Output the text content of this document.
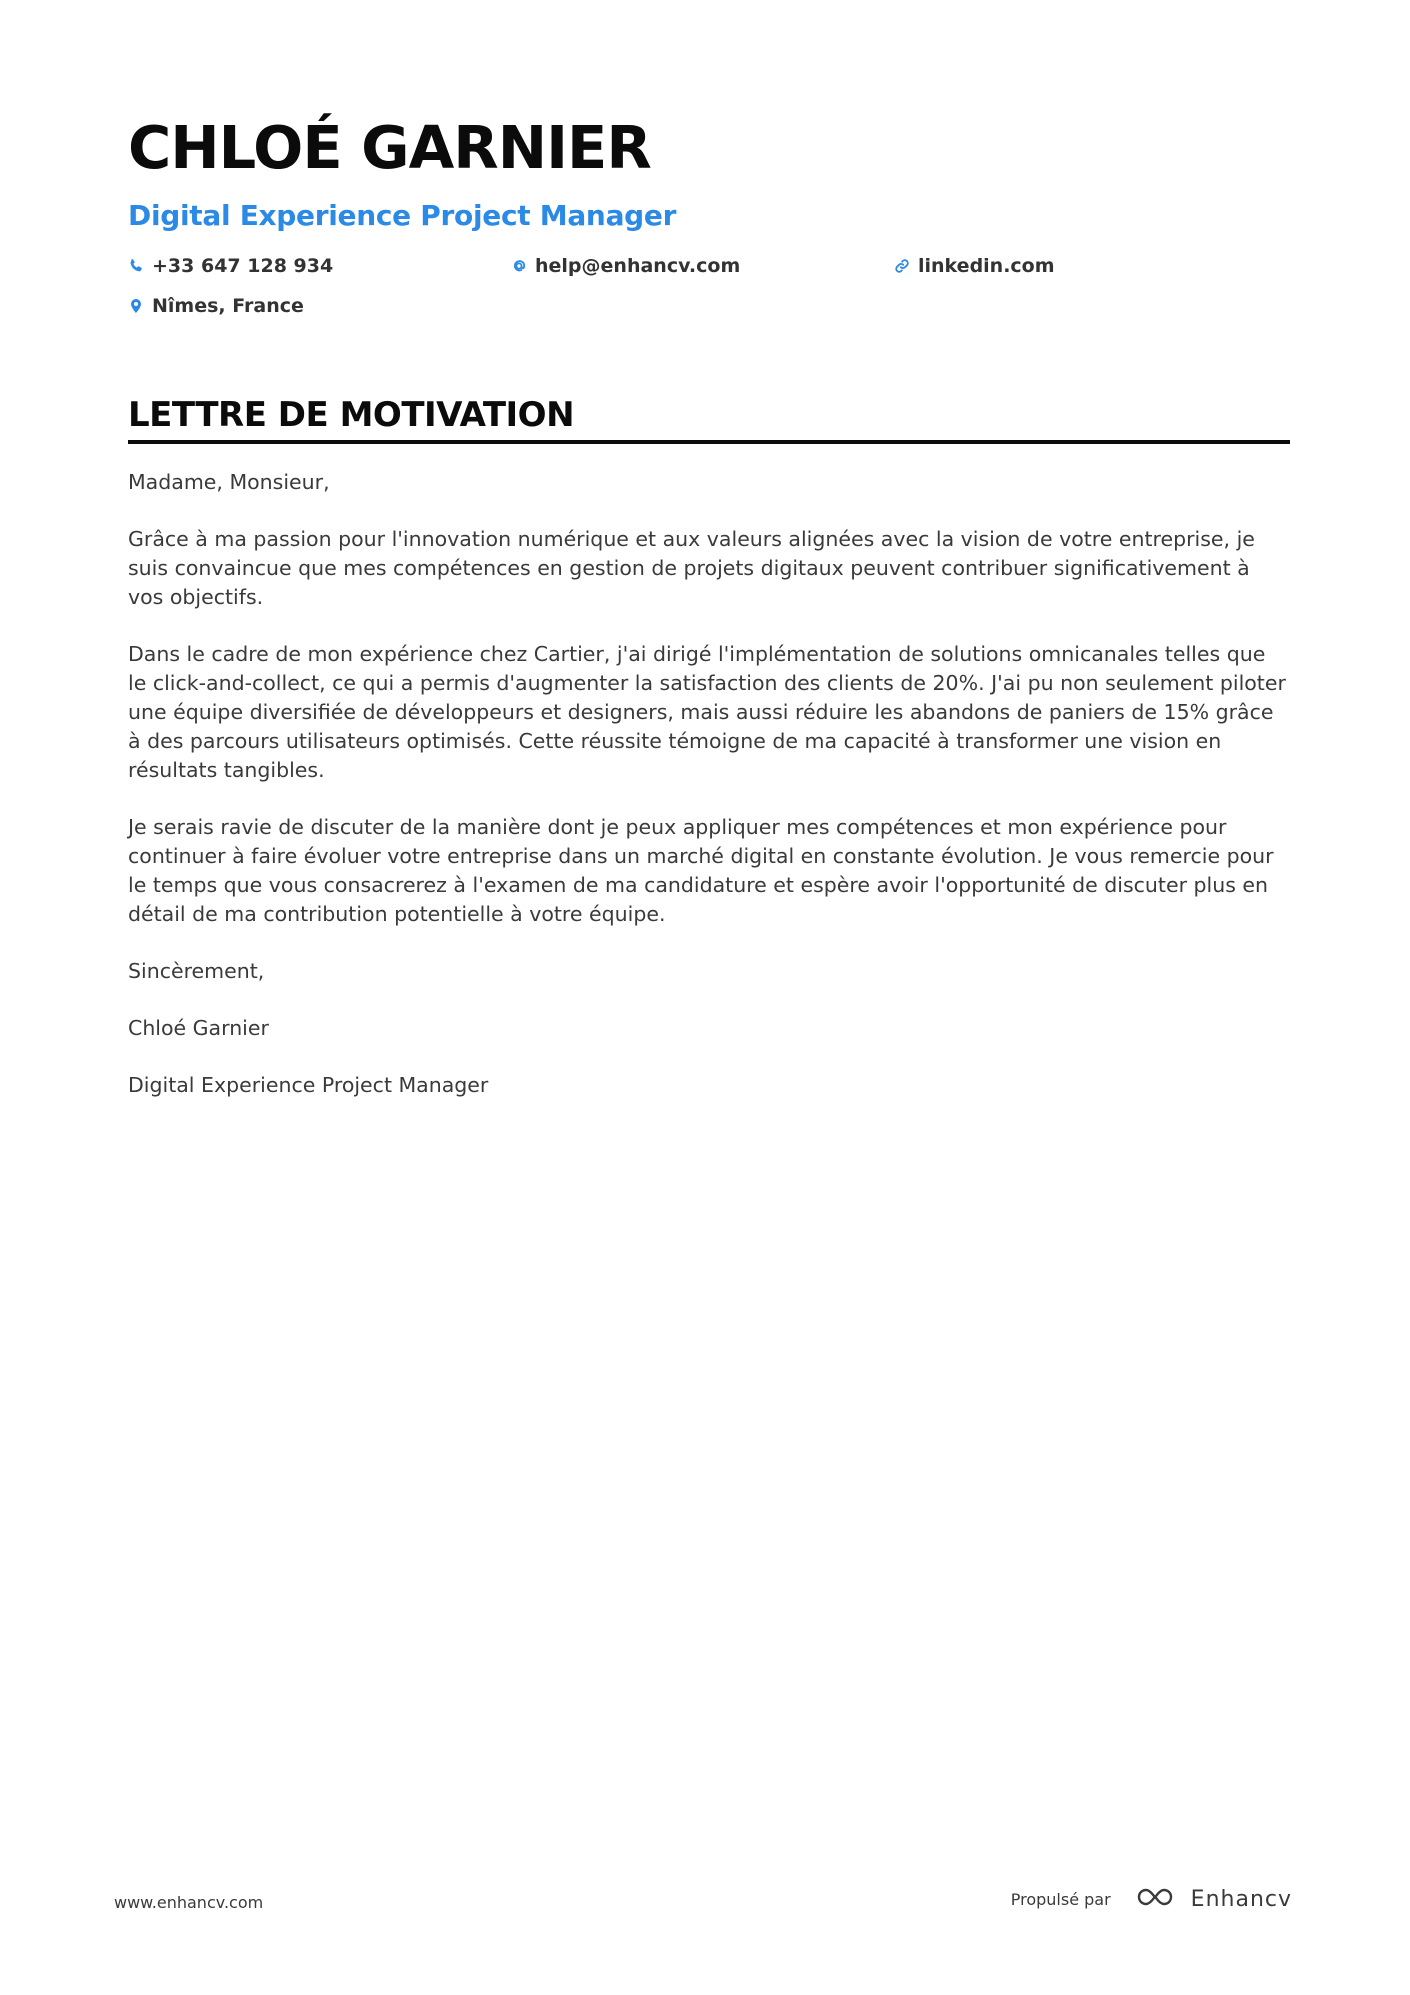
CHLOÉ GARNIER
Digital Experience Project Manager
+33 647 128 934	help@enhancv.com	linkedin.com
Nîmes, France
LETTRE DE MOTIVATION

Madame, Monsieur,

Grâce à ma passion pour l'innovation numérique et aux valeurs alignées avec la vision de votre entreprise, je suis convaincue que mes compétences en gestion de projets digitaux peuvent contribuer significativement à vos objectifs.

Dans le cadre de mon expérience chez Cartier, j'ai dirigé l'implémentation de solutions omnicanales telles que le click-and-collect, ce qui a permis d'augmenter la satisfaction des clients de 20%. J'ai pu non seulement piloter une équipe diversifiée de développeurs et designers, mais aussi réduire les abandons de paniers de 15% grâce à des parcours utilisateurs optimisés. Cette réussite témoigne de ma capacité à transformer une vision en résultats tangibles.

Je serais ravie de discuter de la manière dont je peux appliquer mes compétences et mon expérience pour continuer à faire évoluer votre entreprise dans un marché digital en constante évolution. Je vous remercie pour le temps que vous consacrerez à l'examen de ma candidature et espère avoir l'opportunité de discuter plus en détail de ma contribution potentielle à votre équipe.

Sincèrement,

Chloé Garnier

Digital Experience Project Manager

www.enhancv.com	Propulsé par	Enhancv
